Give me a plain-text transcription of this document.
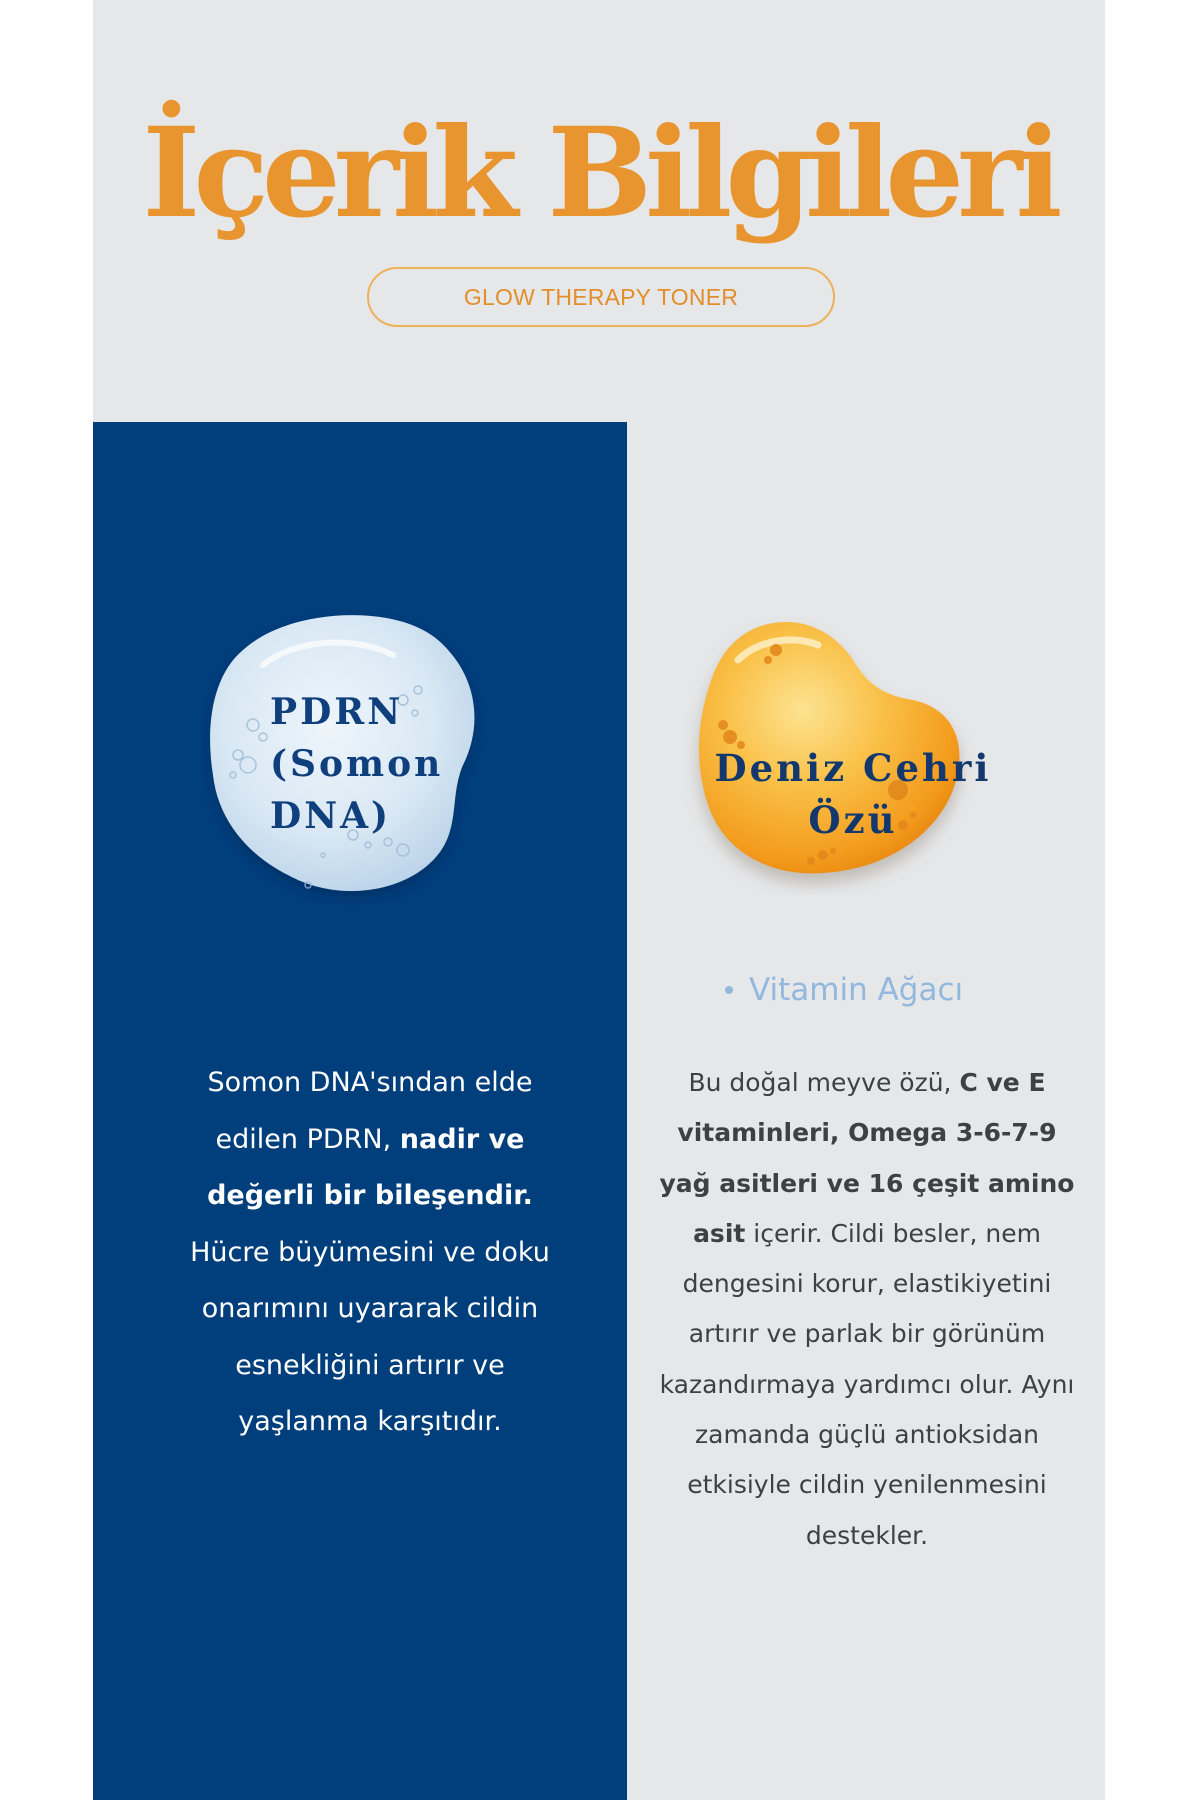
İçerik Bilgileri
GLOW THERAPY TONER
PDRN
(Somon
DNA)
Deniz Cehri
Özü
Vitamin Ağacı

Somon DNA'sından elde edilen PDRN, nadir ve değerli bir bileşendir. Hücre büyümesini ve doku onarımını uyararak cildin esnekliğini artırır ve yaşlanma karşıtıdır.

Bu doğal meyve özü, C ve E vitaminleri, Omega 3-6-7-9 yağ asitleri ve 16 çeşit amino asit içerir. Cildi besler, nem dengesini korur, elastikiyetini artırır ve parlak bir görünüm kazandırmaya yardımcı olur. Aynı zamanda güçlü antioksidan etkisiyle cildin yenilenmesini destekler.
